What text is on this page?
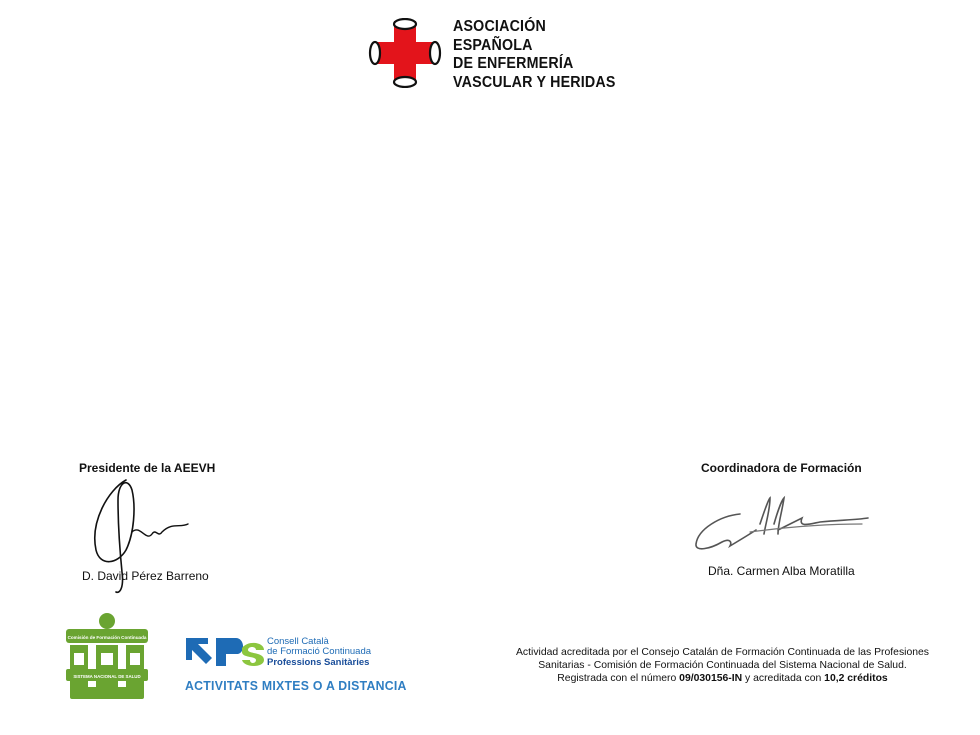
ASOCIACIÓN
ESPAÑOLA
DE ENFERMERÍA
VASCULAR Y HERIDAS
Presidente de la AEEVH
D. David Pérez Barreno
Coordinadora de Formación
Dña. Carmen Alba Moratilla
Comisión de Formación Continuada
SISTEMA NACIONAL DE SALUD
Consell Català
de Formació Continuada
Professions Sanitàries
ACTIVITATS MIXTES O A DISTANCIA
Actividad acreditada por el Consejo Catalán de Formación Continuada de las Profesiones
Sanitarias - Comisión de Formación Continuada del Sistema Nacional de Salud.
Registrada con el número 09/030156-IN y acreditada con 10,2 créditos
